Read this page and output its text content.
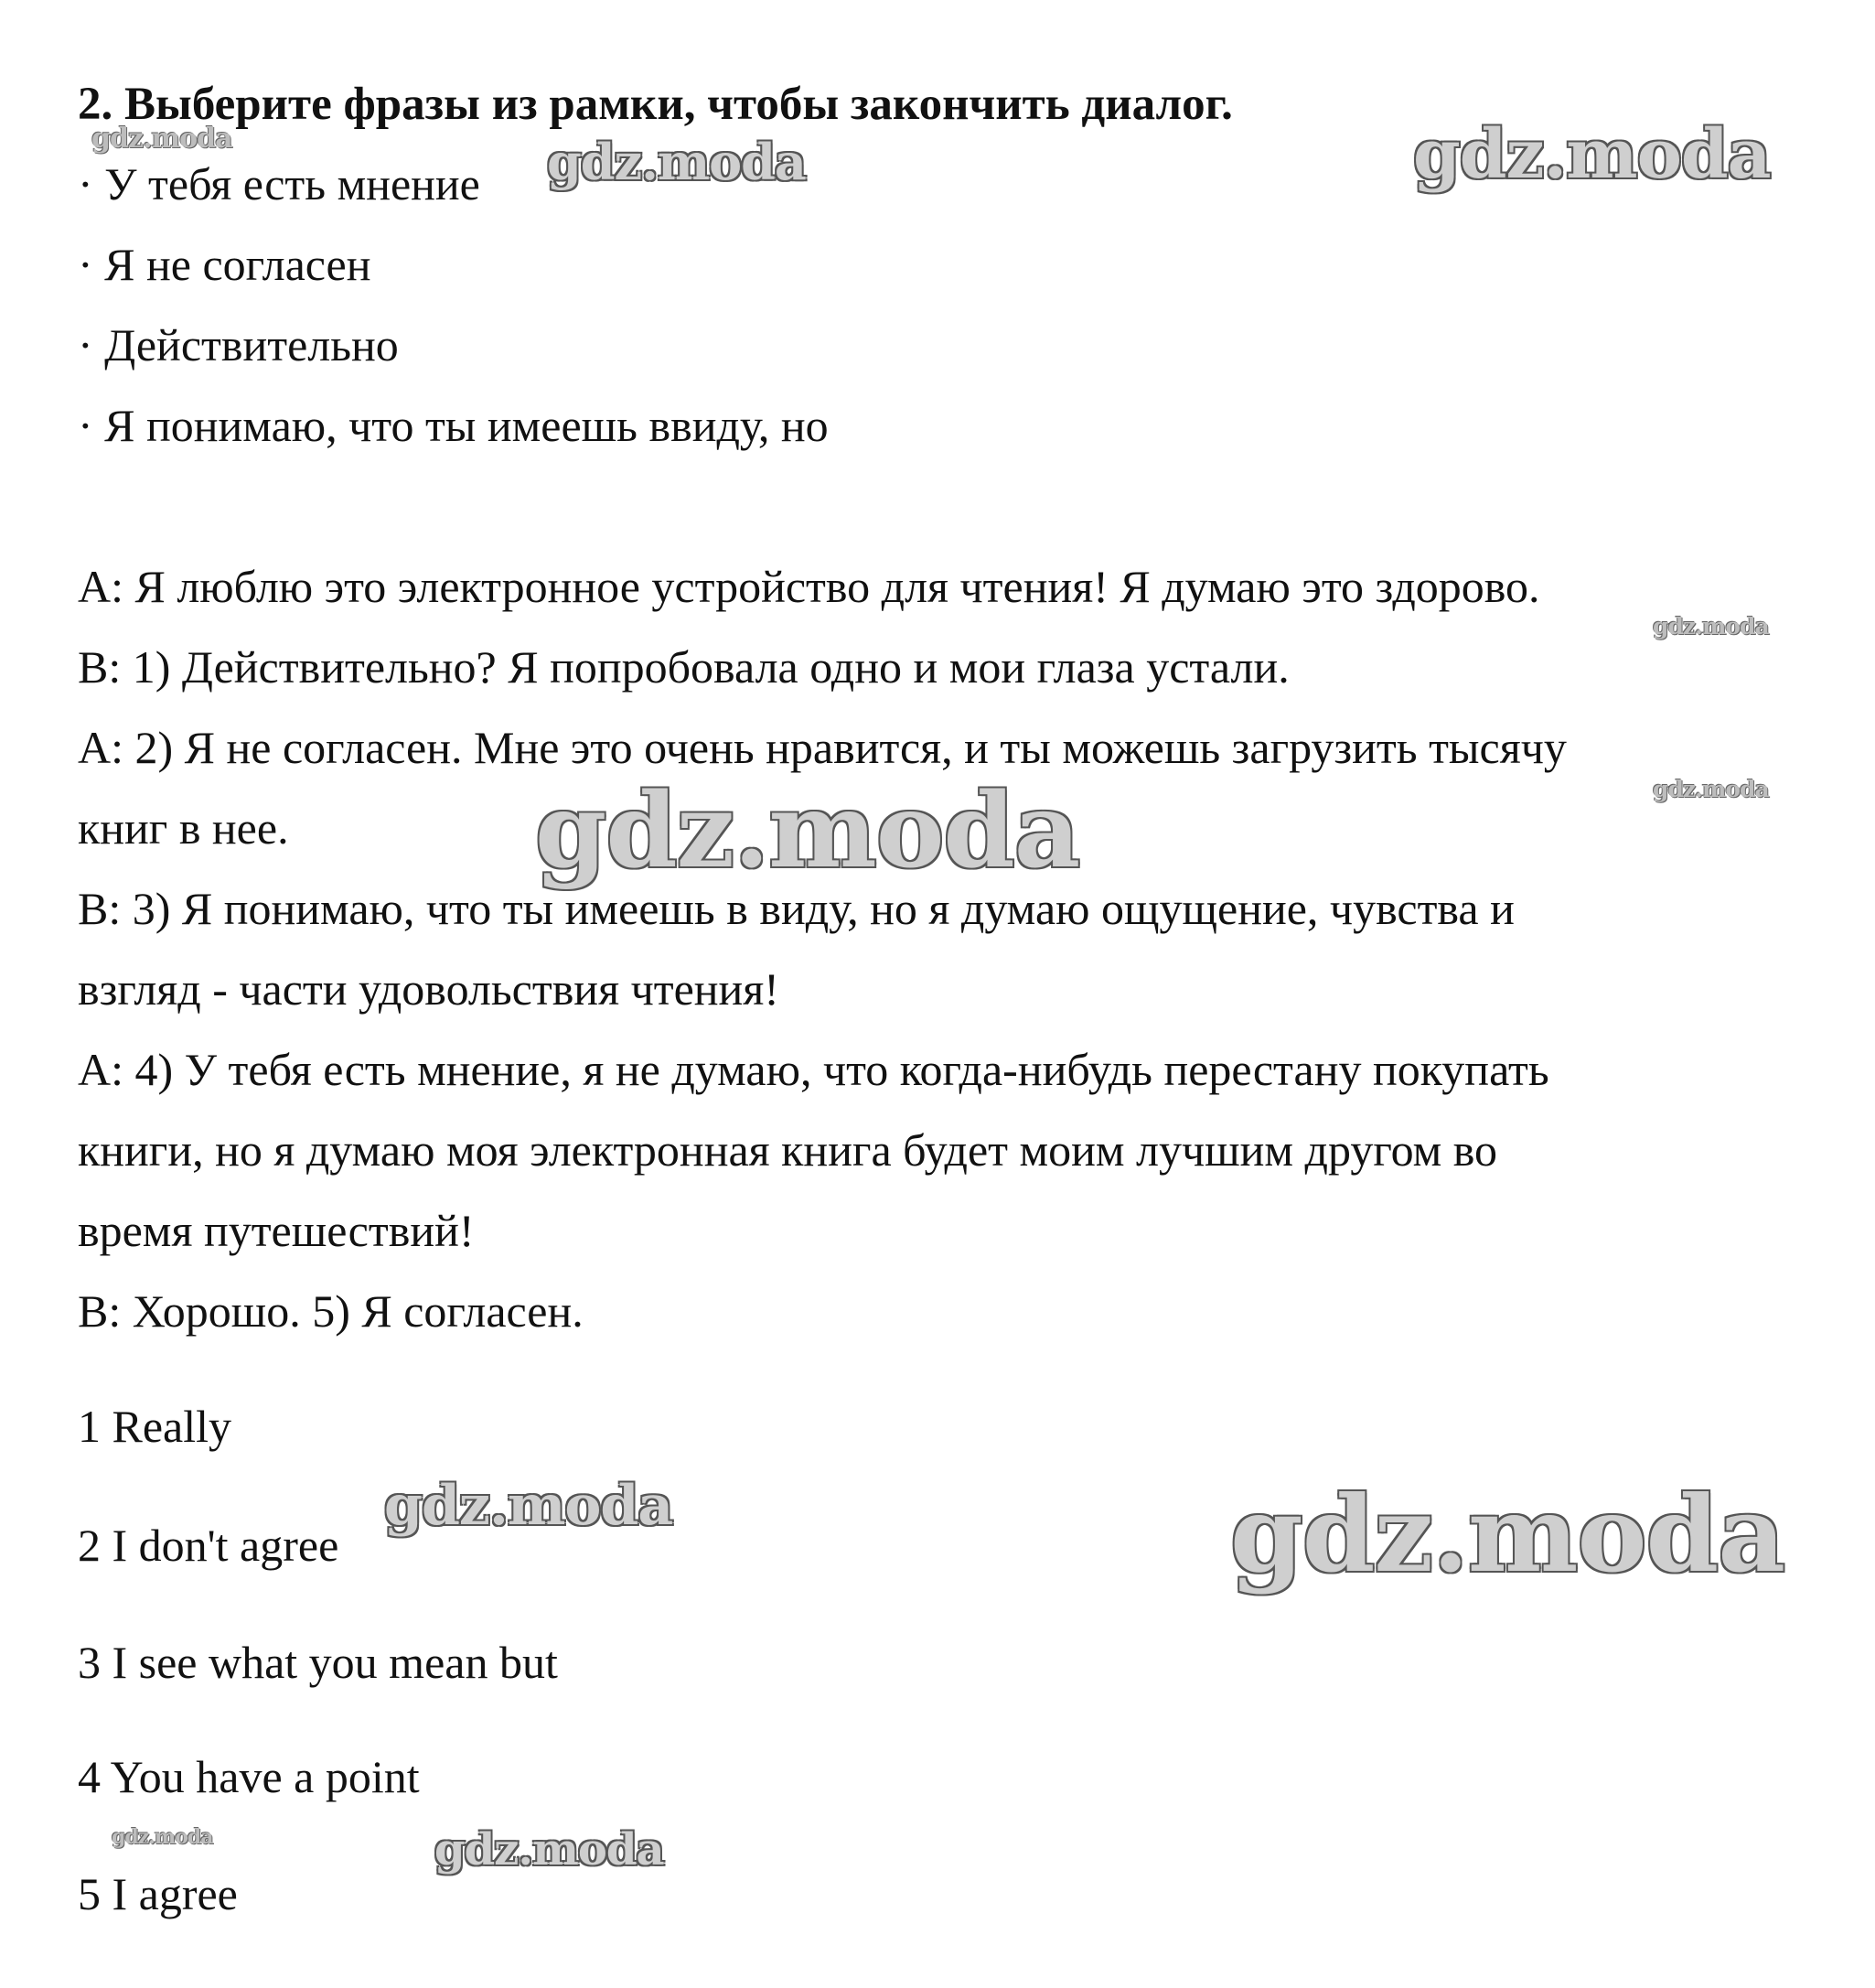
2. Выберите фразы из рамки, чтобы закончить диалог.
· У тебя есть мнение
· Я не согласен
· Действительно
· Я понимаю, что ты имеешь ввиду, но
А: Я люблю это электронное устройство для чтения! Я думаю это здорово.
В: 1) Действительно? Я попробовала одно и мои глаза устали.
А: 2) Я не согласен. Мне это очень нравится, и ты можешь загрузить тысячу
книг в нее.
В: 3) Я понимаю, что ты имеешь в виду, но я думаю ощущение, чувства и
взгляд - части удовольствия чтения!
А: 4) У тебя есть мнение, я не думаю, что когда-нибудь перестану покупать
книги, но я думаю моя электронная книга будет моим лучшим другом во
время путешествий!
В: Хорошо. 5) Я согласен.
1 Really
2 I don't agree
3 I see what you mean but
4 You have a point
5 I agree
gdz.moda	gdz.moda	gdz.moda
gdz.moda
gdz.moda
gdz.moda
gdz.moda	gdz.moda
gdz.moda	gdz.moda
